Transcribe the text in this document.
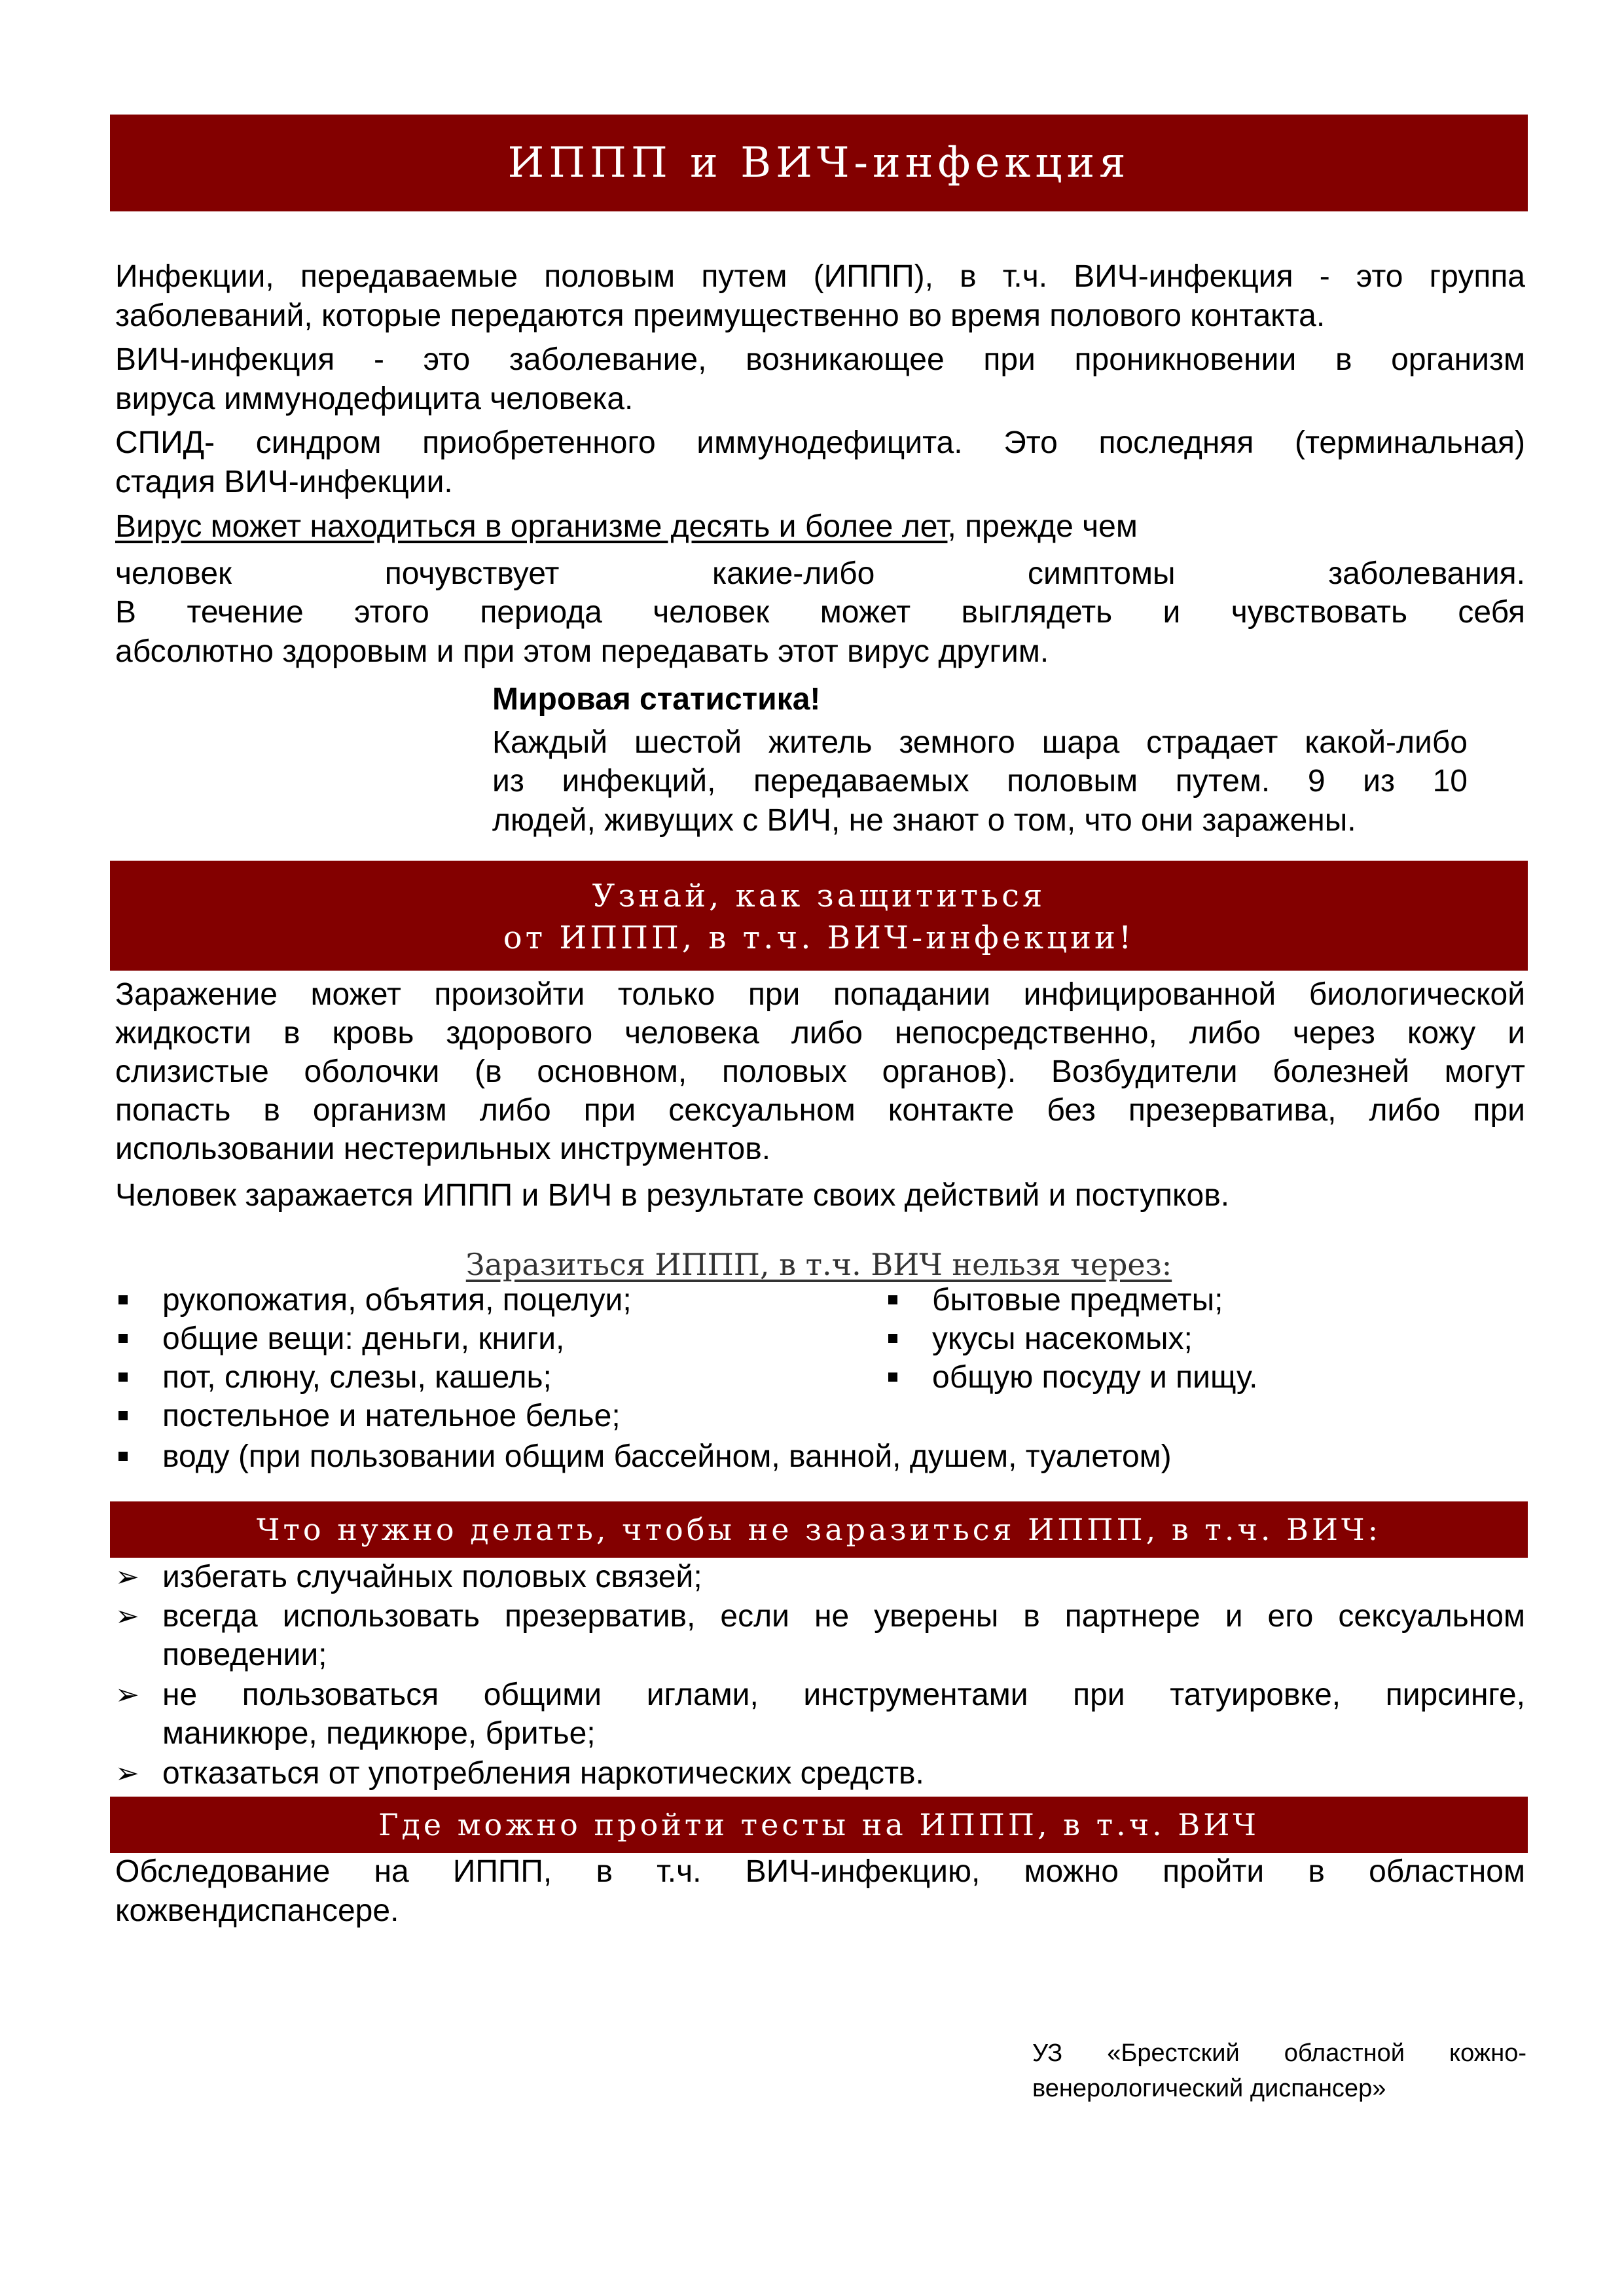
ИППП и ВИЧ-инфекция

Инфекции, передаваемые половым путем (ИППП), в т.ч. ВИЧ-инфекция - это группа

заболеваний, которые передаются преимущественно во время полового контакта.

ВИЧ-инфекция - это заболевание, возникающее при проникновении в организм

вируса иммунодефицита человека.

СПИД- синдром приобретенного иммунодефицита. Это последняя (терминальная)

стадия ВИЧ-инфекции.

Вирус может находиться в организме десять и более лет, прежде чем

человек почувствует какие-либо симптомы заболевания.

В течение этого периода человек может выглядеть и чувствовать себя

абсолютно здоровым и при этом передавать этот вирус другим.

Мировая статистика!

Каждый шестой житель земного шара страдает какой-либо

из инфекций, передаваемых половым путем. 9 из 10

людей, живущих с ВИЧ, не знают о том, что они заражены.

Узнай, как защититься
от ИППП, в т.ч. ВИЧ-инфекции!

Заражение может произойти только при попадании инфицированной биологической

жидкости в кровь здорового человека либо непосредственно, либо через кожу и

слизистые оболочки (в основном, половых органов). Возбудители болезней могут

попасть в организм либо при сексуальном контакте без презерватива, либо при

использовании нестерильных инструментов.

Человек заражается ИППП и ВИЧ в результате своих действий и поступков.

Заразиться ИППП, в т.ч. ВИЧ нельзя через:
рукопожатия, объятия, поцелуи;
общие вещи: деньги, книги,
пот, слюну, слезы, кашель;
постельное и нательное белье;
воду (при пользовании общим бассейном, ванной, душем, туалетом)
бытовые предметы;
укусы насекомых;
общую посуду и пищу.
Что нужно делать, чтобы не заразиться ИППП, в т.ч. ВИЧ:
➢ избегать случайных половых связей;

➢ всегда использовать презерватив, если не уверены в партнере и его сексуальном

поведении;

➢ не пользоваться общими иглами, инструментами при татуировке, пирсинге,

маникюре, педикюре, бритье;

➢ отказаться от употребления наркотических средств.

Где можно пройти тесты на ИППП, в т.ч. ВИЧ

Обследование на ИППП, в т.ч. ВИЧ-инфекцию, можно пройти в областном

кожвендиспансере.

УЗ «Брестский областной кожно-
венерологический диспансер»
